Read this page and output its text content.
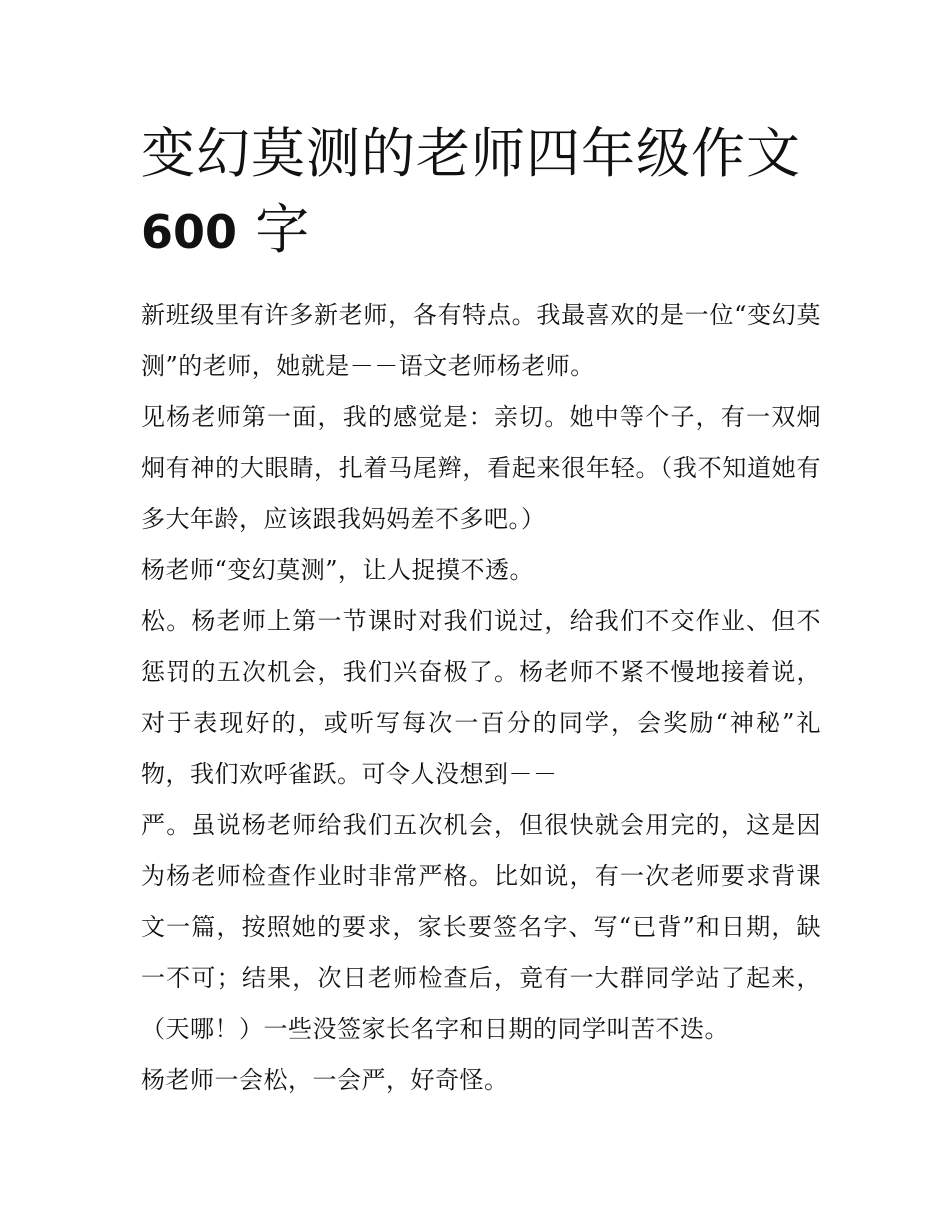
变幻莫测的老师四年级作文
600 字

新班级里有许多新老师，各有特点。我最喜欢的是一位“变幻莫测”的老师，她就是－－语文老师杨老师。

见杨老师第一面，我的感觉是：亲切。她中等个子，有一双炯炯有神的大眼睛，扎着马尾辫，看起来很年轻。（我不知道她有多大年龄，应该跟我妈妈差不多吧。）

杨老师“变幻莫测”，让人捉摸不透。

松。杨老师上第一节课时对我们说过，给我们不交作业、但不惩罚的五次机会，我们兴奋极了。杨老师不紧不慢地接着说，对于表现好的，或听写每次一百分的同学，会奖励“神秘”礼物，我们欢呼雀跃。可令人没想到－－

严。虽说杨老师给我们五次机会，但很快就会用完的，这是因为杨老师检查作业时非常严格。比如说，有一次老师要求背课文一篇，按照她的要求，家长要签名字、写“已背”和日期，缺一不可；结果，次日老师检查后，竟有一大群同学站了起来，（天哪！）一些没签家长名字和日期的同学叫苦不迭。

杨老师一会松，一会严，好奇怪。
